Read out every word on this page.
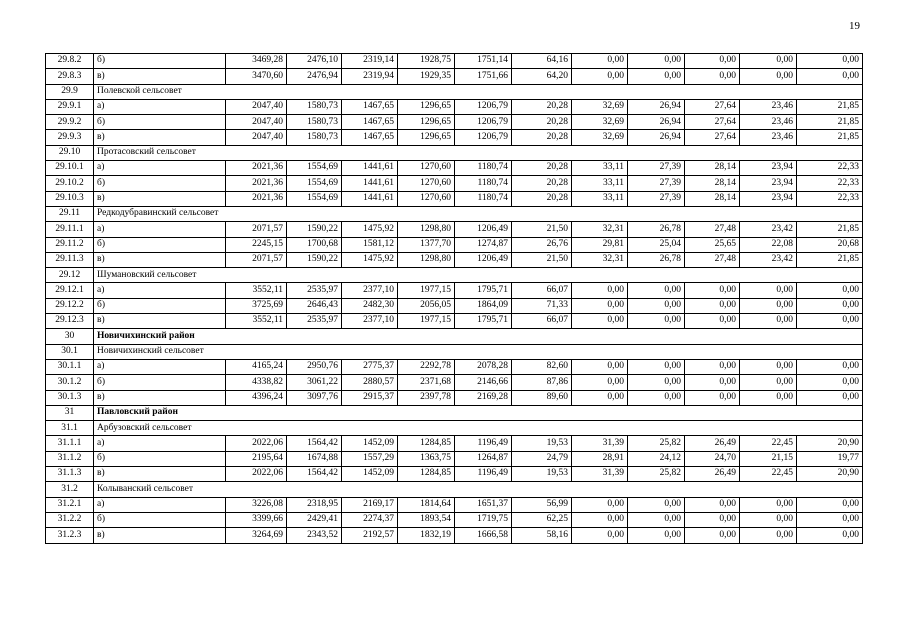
19
29.8.2	б)	3469,28	2476,10	2319,14	1928,75	1751,14	64,16	0,00	0,00	0,00	0,00	0,00
29.8.3	в)	3470,60	2476,94	2319,94	1929,35	1751,66	64,20	0,00	0,00	0,00	0,00	0,00
29.9	Полевской сельсовет											
29.9.1	а)	2047,40	1580,73	1467,65	1296,65	1206,79	20,28	32,69	26,94	27,64	23,46	21,85
29.9.2	б)	2047,40	1580,73	1467,65	1296,65	1206,79	20,28	32,69	26,94	27,64	23,46	21,85
29.9.3	в)	2047,40	1580,73	1467,65	1296,65	1206,79	20,28	32,69	26,94	27,64	23,46	21,85
29.10	Протасовский сельсовет											
29.10.1	а)	2021,36	1554,69	1441,61	1270,60	1180,74	20,28	33,11	27,39	28,14	23,94	22,33
29.10.2	б)	2021,36	1554,69	1441,61	1270,60	1180,74	20,28	33,11	27,39	28,14	23,94	22,33
29.10.3	в)	2021,36	1554,69	1441,61	1270,60	1180,74	20,28	33,11	27,39	28,14	23,94	22,33
29.11	Редкодубравинский сельсовет											
29.11.1	а)	2071,57	1590,22	1475,92	1298,80	1206,49	21,50	32,31	26,78	27,48	23,42	21,85
29.11.2	б)	2245,15	1700,68	1581,12	1377,70	1274,87	26,76	29,81	25,04	25,65	22,08	20,68
29.11.3	в)	2071,57	1590,22	1475,92	1298,80	1206,49	21,50	32,31	26,78	27,48	23,42	21,85
29.12	Шумановский сельсовет											
29.12.1	а)	3552,11	2535,97	2377,10	1977,15	1795,71	66,07	0,00	0,00	0,00	0,00	0,00
29.12.2	б)	3725,69	2646,43	2482,30	2056,05	1864,09	71,33	0,00	0,00	0,00	0,00	0,00
29.12.3	в)	3552,11	2535,97	2377,10	1977,15	1795,71	66,07	0,00	0,00	0,00	0,00	0,00
30	Новичихинский район											
30.1	Новичихинский сельсовет											
30.1.1	а)	4165,24	2950,76	2775,37	2292,78	2078,28	82,60	0,00	0,00	0,00	0,00	0,00
30.1.2	б)	4338,82	3061,22	2880,57	2371,68	2146,66	87,86	0,00	0,00	0,00	0,00	0,00
30.1.3	в)	4396,24	3097,76	2915,37	2397,78	2169,28	89,60	0,00	0,00	0,00	0,00	0,00
31	Павловский район											
31.1	Арбузовский сельсовет											
31.1.1	а)	2022,06	1564,42	1452,09	1284,85	1196,49	19,53	31,39	25,82	26,49	22,45	20,90
31.1.2	б)	2195,64	1674,88	1557,29	1363,75	1264,87	24,79	28,91	24,12	24,70	21,15	19,77
31.1.3	в)	2022,06	1564,42	1452,09	1284,85	1196,49	19,53	31,39	25,82	26,49	22,45	20,90
31.2	Колыванский сельсовет											
31.2.1	а)	3226,08	2318,95	2169,17	1814,64	1651,37	56,99	0,00	0,00	0,00	0,00	0,00
31.2.2	б)	3399,66	2429,41	2274,37	1893,54	1719,75	62,25	0,00	0,00	0,00	0,00	0,00
31.2.3	в)	3264,69	2343,52	2192,57	1832,19	1666,58	58,16	0,00	0,00	0,00	0,00	0,00
